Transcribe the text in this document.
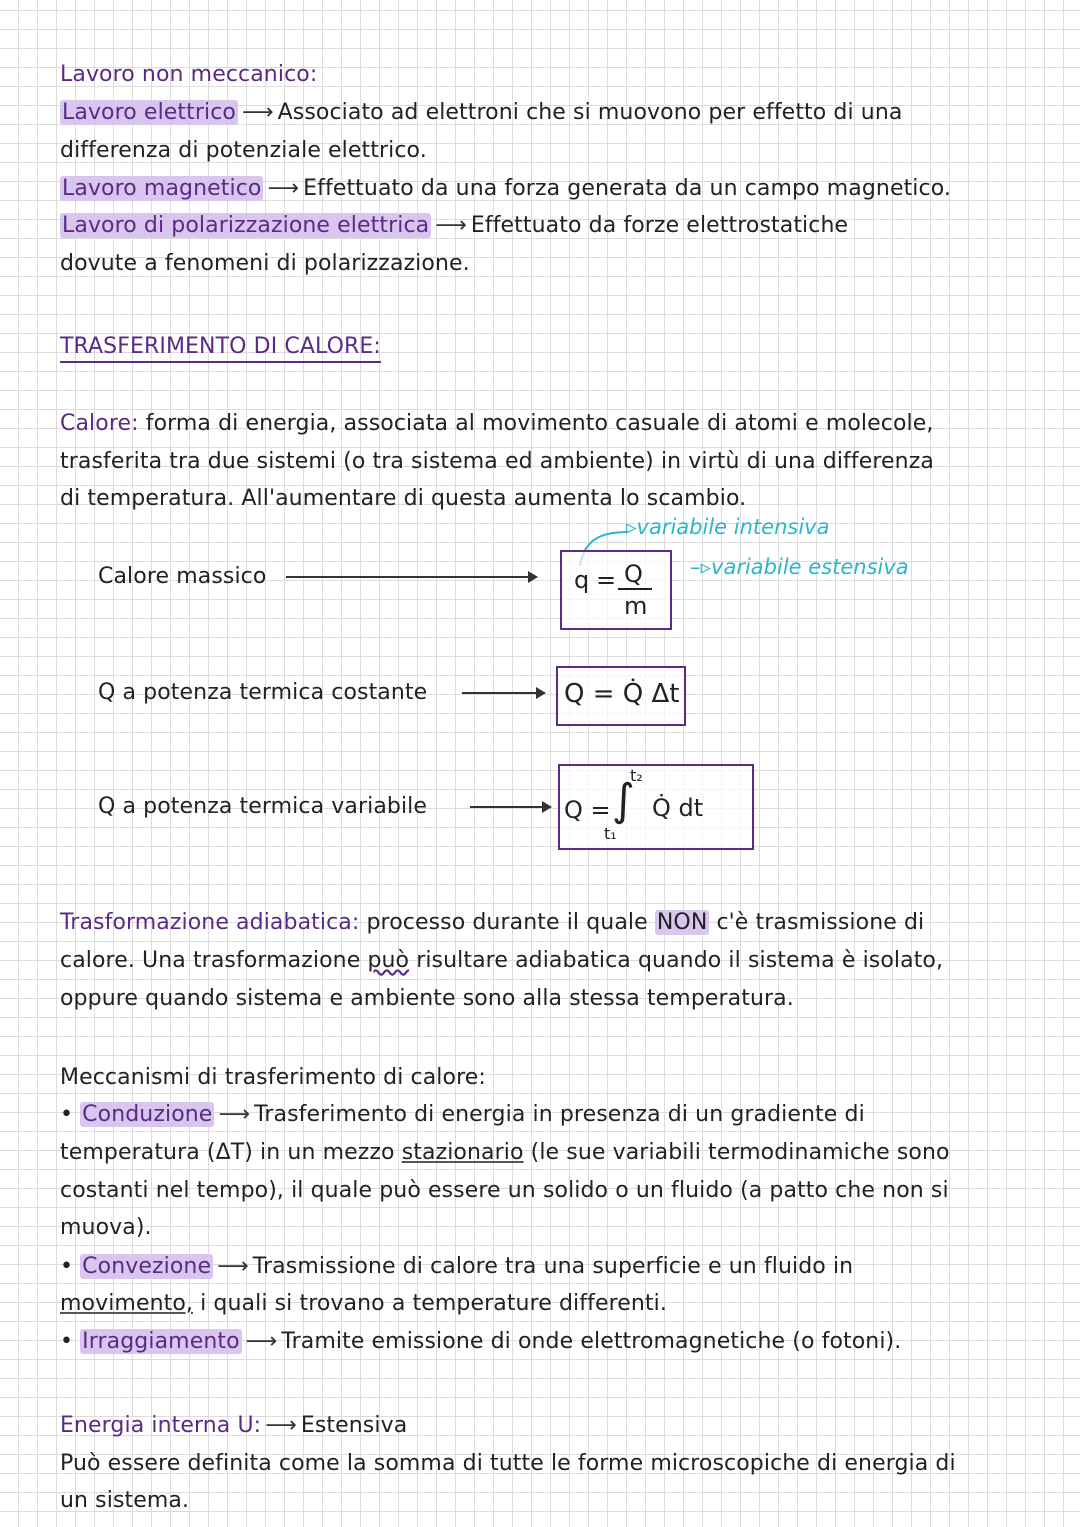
Lavoro non meccanico:
Lavoro elettrico ⟶ Associato ad elettroni che si muovono per effetto di una
differenza di potenziale elettrico.
Lavoro magnetico ⟶ Effettuato da una forza generata da un campo magnetico.
Lavoro di polarizzazione elettrica ⟶ Effettuato da forze elettrostatiche
dovute a fenomeni di polarizzazione.
TRASFERIMENTO DI CALORE:
Calore: forma di energia, associata al movimento casuale di atomi e molecole,
trasferita tra due sistemi (o tra sistema ed ambiente) in virtù di una differenza
di temperatura. All'aumentare di questa aumenta lo scambio.
▹variabile intensiva
–▹variabile estensiva
Calore massico	q = Q
m
Q a potenza termica costante	Q = Q̇ Δt
Q a potenza termica variabile	Q = ∫
t₂
t₁
Q̇ dt
Trasformazione adiabatica: processo durante il quale NON c'è trasmissione di
calore. Una trasformazione può risultare adiabatica quando il sistema è isolato,
oppure quando sistema e ambiente sono alla stessa temperatura.
Meccanismi di trasferimento di calore:
• Conduzione ⟶ Trasferimento di energia in presenza di un gradiente di
temperatura (ΔT) in un mezzo stazionario (le sue variabili termodinamiche sono
costanti nel tempo), il quale può essere un solido o un fluido (a patto che non si
muova).
• Convezione ⟶ Trasmissione di calore tra una superficie e un fluido in
movimento, i quali si trovano a temperature differenti.
• Irraggiamento ⟶ Tramite emissione di onde elettromagnetiche (o fotoni).
Energia interna U: ⟶ Estensiva
Può essere definita come la somma di tutte le forme microscopiche di energia di
un sistema.
